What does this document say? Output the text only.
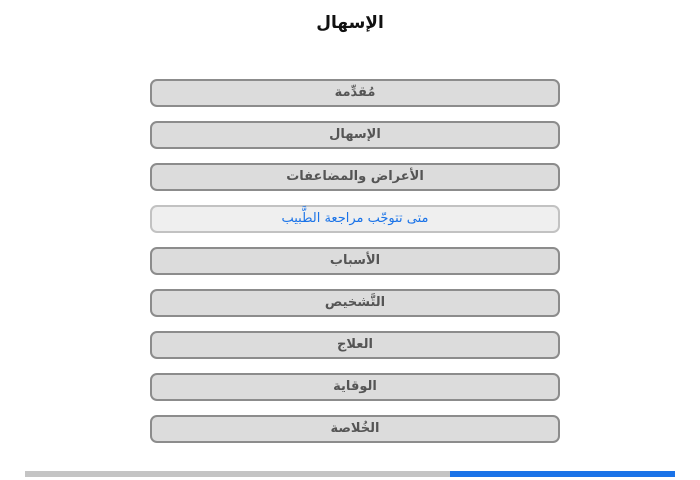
الإسهال
مُقدِّمة
الإسهال
الأعراض والمضاعفات
متى تتوجّب مراجعة الطَّبيب
الأسباب
التَّشخيص
العلاج
الوقاية
الخُلاصة
